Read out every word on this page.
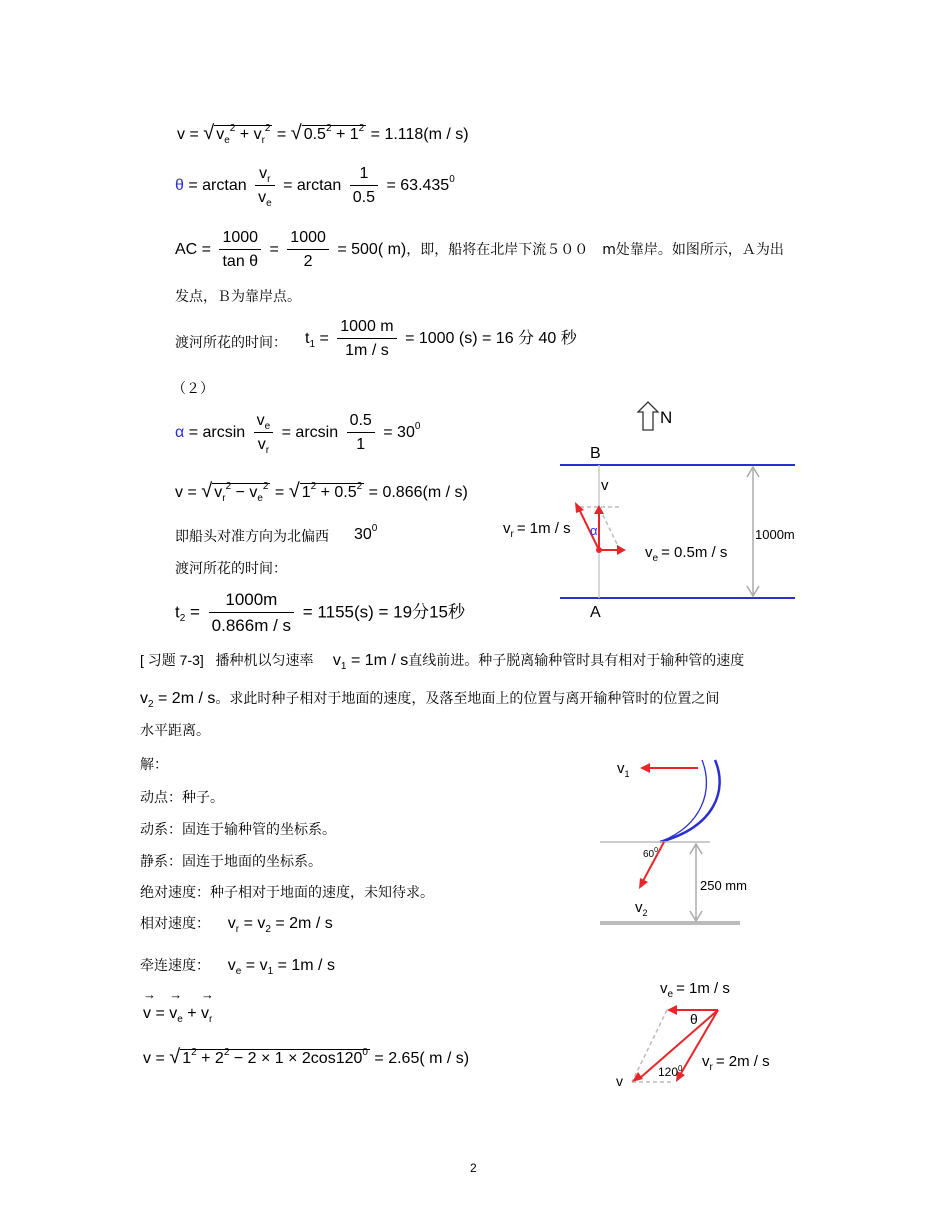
v = √ $v_e^2 + v_r^2$ = √ $0.5^2 + 1^2 = 1.118(m / s)$
$\theta = \arctan \frac{v_r}{v_e} = \arctan \frac{1}{0.5} = 63.435^0$
AC = $\frac{1000}{\text{tan θ}} = \frac{1000}{2} = 500$( m)，即，船将在北岸下流５００　m处靠岸。如图所示，Ａ为出
发点，Ｂ为靠岸点。
渡河所花的时间： $t_1 = \frac{1000 m}{1m / s} = 1000$ (s) = 16 分 40 秒
（２）
$\alpha = \arcsin \frac{v_e}{v_r} = \arcsin \frac{0.5}{1} = 30^0$
v = √ $v_r^2 - v_e^2$ = √ $1^2 + 0.5^2 = 0.866(m / s)$
即船头对准方向为北偏西 $30^0$
渡河所花的时间：
$t_2 = \frac{1000m}{0.866m / s} = 1155(s) = 19$分15秒
N
B
A
1000m
v
α
$v_r = 1m / s$
$v_e = 0.5m / s$
[ 习题 7-3] 播种机以匀速率 $v_1 = 1m / s$直线前进。种子脱离输种管时具有相对于输种管的速度
$v_2 = 2m / s$。求此时种子相对于地面的速度，及落至地面上的位置与离开输种管时的位置之间
水平距离。
解：
动点：种子。
动系：固连于输种管的坐标系。
静系：固连于地面的坐标系。
绝对速度：种子相对于地面的速度，未知待求。
相对速度： $v_r = v_2 = 2m / s$
牵连速度： $v_e = v_1 = 1m / s$
→ v = → $v_e$ + → $v_r$
v = √ $1^2 + 2^2 - 2 \times 1 \times 2\cos 120^0 = 2.65$( m / s)
$v_1$
250 mm
$60^0$
$v_2$
$v_e = 1m / s$
θ
$120^0$ $v_r = 2m / s$
v
2
